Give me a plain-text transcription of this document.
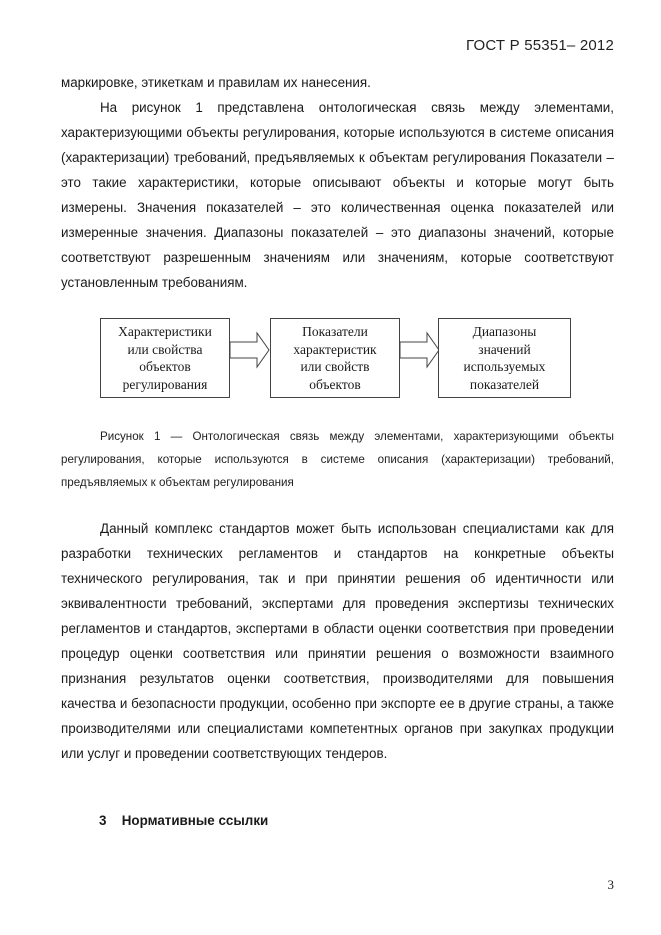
ГОСТ Р 55351– 2012

маркировке, этикеткам и правилам их нанесения.

На рисунок 1 представлена онтологическая связь между элементами, характеризующими объекты регулирования, которые используются в системе описания (характеризации) требований, предъявляемых к объектам регулирования Показатели – это такие характеристики, которые описывают объекты и которые могут быть измерены. Значения показателей – это количественная оценка показателей или измеренные значения. Диапазоны показателей – это диапазоны значений, которые соответствуют разрешенным значениям или значениям, которые соответствуют установленным требованиям.

Характеристики
или свойства
объектов
регулирования
Показатели
характеристик
или свойств
объектов
Диапазоны
значений
используемых
показателей

Рисунок 1 — Онтологическая связь между элементами, характеризующими объекты регулирования, которые используются в системе описания (характеризации) требований, предъявляемых к объектам регулирования

Данный комплекс стандартов может быть использован специалистами как для разработки технических регламентов и стандартов на конкретные объекты технического регулирования, так и при принятии решения об идентичности или эквивалентности требований, экспертами для проведения экспертизы технических регламентов и стандартов, экспертами в области оценки соответствия при проведении процедур оценки соответствия или принятии решения о возможности взаимного признания результатов оценки соответствия, производителями для повышения качества и безопасности продукции, особенно при экспорте ее в другие страны, а также производителями или специалистами компетентных органов при закупках продукции или услуг и проведении соответствующих тендеров.

3 Нормативные ссылки
3
